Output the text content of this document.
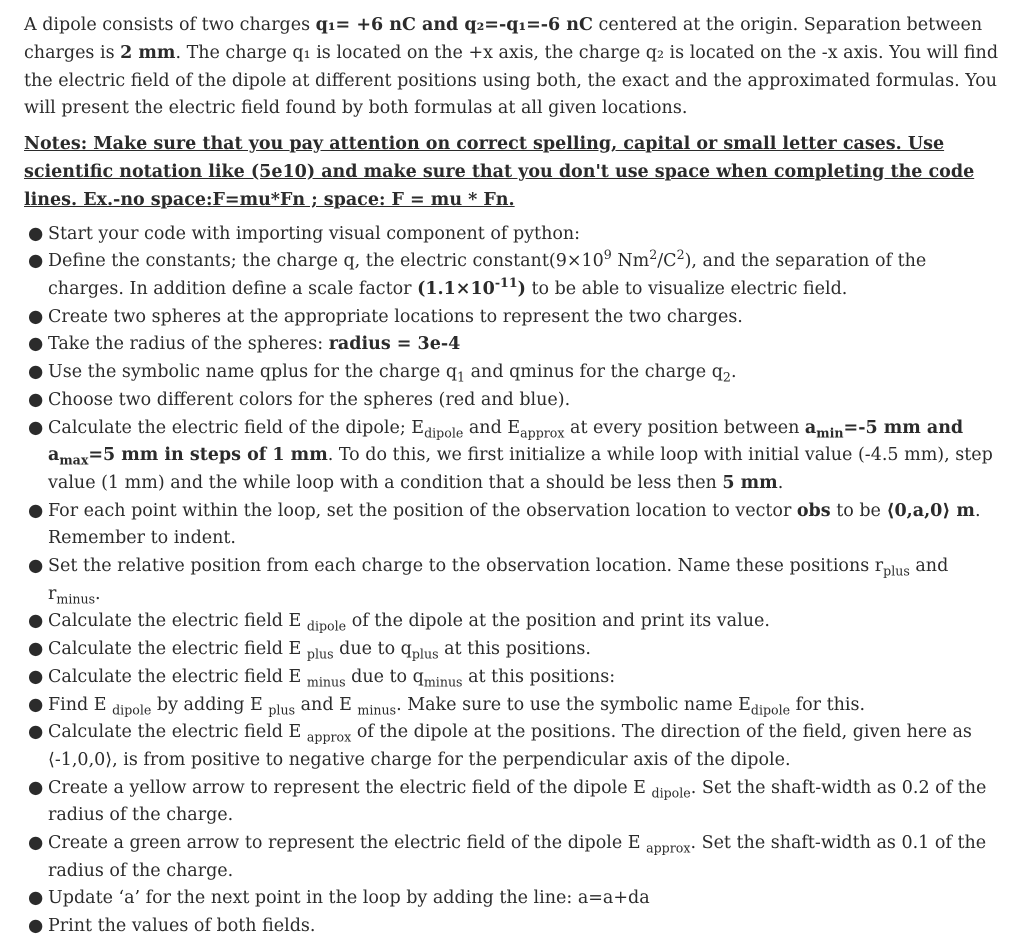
A dipole consists of two charges q₁= +6 nC and q₂=-q₁=-6 nC centered at the origin. Separation between charges is 2 mm. The charge q₁ is located on the +x axis, the charge q₂ is located on the -x axis. You will find the electric field of the dipole at different positions using both, the exact and the approximated formulas. You will present the electric field found by both formulas at all given locations.

Notes: Make sure that you pay attention on correct spelling, capital or small letter cases. Use scientific notation like (5e10) and make sure that you don't use space when completing the code lines. Ex.-no space:F=mu*Fn ; space: F = mu * Fn.

● Start your code with importing visual component of python:
● Define the constants; the charge q, the electric $constant(9\times 10^9$ $Nm^2/C^2$), and the separation of the charges. In addition define a scale factor $(1.1\times 10^{-11})$ to be able to visualize electric field.
● Create two spheres at the appropriate locations to represent the two charges.
● Take the radius of the spheres: radius = 3e-4
● Use the symbolic name qplus for the charge $q_1$ and qminus for the charge $q_2$.
● Choose two different colors for the spheres (red and blue).
● Calculate the electric field of the dipole; $E_{dipole}$ and $E_{approx}$ at every position between $a_{min}=-5$ mm and $a_{max}=5$ mm in steps of 1 mm. To do this, we first initialize a while loop with initial value (-4.5 mm), step value (1 mm) and the while loop with a condition that a should be less then 5 mm.
● For each point within the loop, set the position of the observation location to vector obs to be ⟨0,a,0⟩ m. Remember to indent.
● Set the relative position from each charge to the observation location. Name these positions $r_{plus}$ and $r_{minus}$.
● Calculate the electric field E $_{dipole}$ of the dipole at the position and print its value.
● Calculate the electric field E $_{plus}$ due to $q_{plus}$ at this positions.
● Calculate the electric field E $_{minus}$ due to $q_{minus}$ at this positions:
● Find E $_{dipole}$ by adding E $_{plus}$ and E $_{minus}$. Make sure to use the symbolic name $E_{dipole}$ for this.
● Calculate the electric field E $_{approx}$ of the dipole at the positions. The direction of the field, given here as ⟨-1,0,0⟩, is from positive to negative charge for the perpendicular axis of the dipole.
● Create a yellow arrow to represent the electric field of the dipole E $_{dipole}$. Set the shaft-width as 0.2 of the radius of the charge.
● Create a green arrow to represent the electric field of the dipole E $_{approx}$. Set the shaft-width as 0.1 of the radius of the charge.
● Update ‘a’ for the next point in the loop by adding the line: a=a+da
● Print the values of both fields.
